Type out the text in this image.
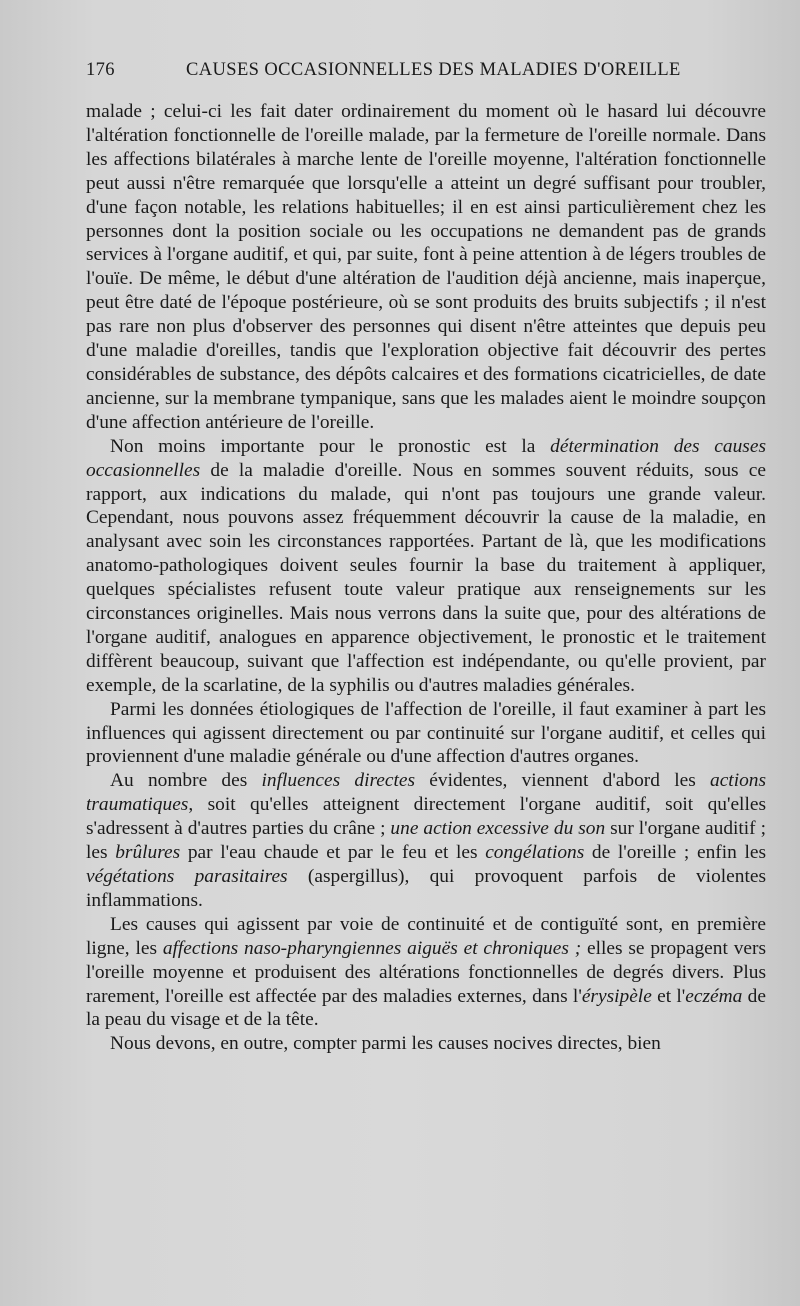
176	CAUSES OCCASIONNELLES DES MALADIES D'OREILLE

malade ; celui-ci les fait dater ordinairement du moment où le hasard lui découvre l'altération fonctionnelle de l'oreille malade, par la fermeture de l'oreille normale. Dans les affections bilatérales à marche lente de l'oreille moyenne, l'altération fonctionnelle peut aussi n'être remarquée que lorsqu'elle a atteint un degré suffisant pour troubler, d'une façon notable, les relations habituelles; il en est ainsi particulièrement chez les personnes dont la position sociale ou les occupations ne demandent pas de grands services à l'organe auditif, et qui, par suite, font à peine attention à de légers troubles de l'ouïe. De même, le début d'une altération de l'audition déjà ancienne, mais inaperçue, peut être daté de l'époque postérieure, où se sont produits des bruits subjectifs ; il n'est pas rare non plus d'observer des personnes qui disent n'être atteintes que depuis peu d'une maladie d'oreilles, tandis que l'exploration objective fait découvrir des pertes considérables de substance, des dépôts calcaires et des formations cicatricielles, de date ancienne, sur la membrane tympanique, sans que les malades aient le moindre soupçon d'une affection antérieure de l'oreille.

Non moins importante pour le pronostic est la détermination des causes occasionnelles de la maladie d'oreille. Nous en sommes souvent réduits, sous ce rapport, aux indications du malade, qui n'ont pas toujours une grande valeur. Cependant, nous pouvons assez fréquemment découvrir la cause de la maladie, en analysant avec soin les circonstances rapportées. Partant de là, que les modifications anatomo-pathologiques doivent seules fournir la base du traitement à appliquer, quelques spécialistes refusent toute valeur pratique aux renseignements sur les circonstances originelles. Mais nous verrons dans la suite que, pour des altérations de l'organe auditif, analogues en apparence objectivement, le pronostic et le traitement diffèrent beaucoup, suivant que l'affection est indépendante, ou qu'elle provient, par exemple, de la scarlatine, de la syphilis ou d'autres maladies générales.

Parmi les données étiologiques de l'affection de l'oreille, il faut examiner à part les influences qui agissent directement ou par continuité sur l'organe auditif, et celles qui proviennent d'une maladie générale ou d'une affection d'autres organes.

Au nombre des influences directes évidentes, viennent d'abord les actions traumatiques, soit qu'elles atteignent directement l'organe auditif, soit qu'elles s'adressent à d'autres parties du crâne ; une action excessive du son sur l'organe auditif ; les brûlures par l'eau chaude et par le feu et les congélations de l'oreille ; enfin les végétations parasitaires (aspergillus), qui provoquent parfois de violentes inflammations.

Les causes qui agissent par voie de continuité et de contiguïté sont, en première ligne, les affections naso-pharyngiennes aiguës et chroniques ; elles se propagent vers l'oreille moyenne et produisent des altérations fonctionnelles de degrés divers. Plus rarement, l'oreille est affectée par des maladies externes, dans l'érysipèle et l'eczéma de la peau du visage et de la tête.

Nous devons, en outre, compter parmi les causes nocives directes, bien
